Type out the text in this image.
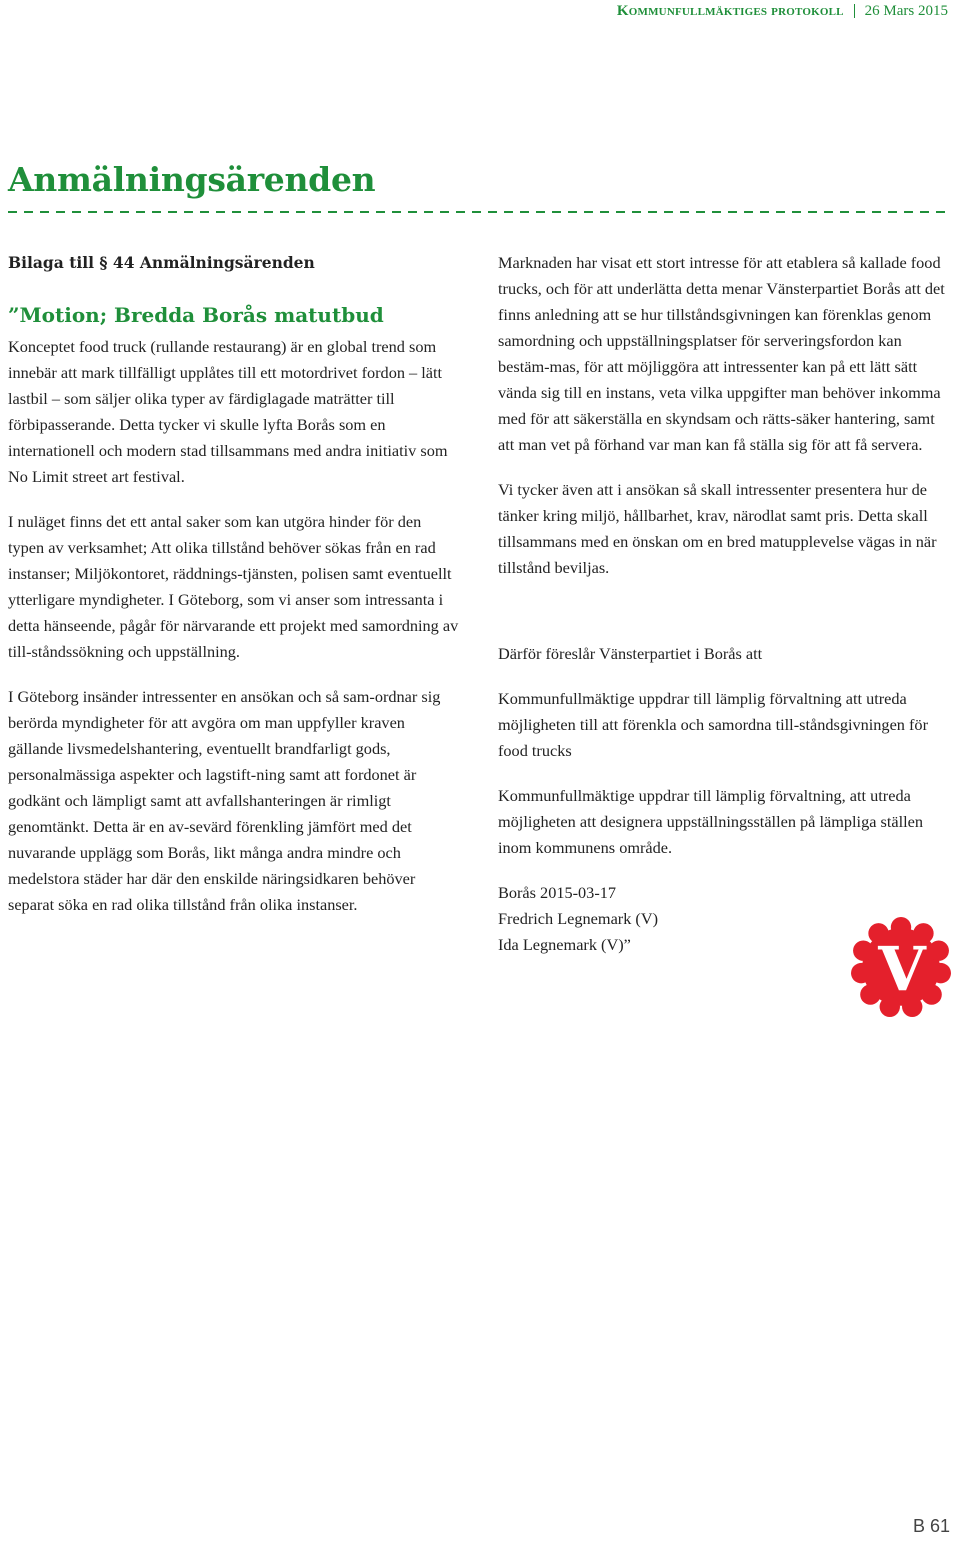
Kommunfullmäktiges protokoll 26 Mars 2015
Anmälningsärenden
Bilaga till § 44 Anmälningsärenden
”Motion; Bredda Borås matutbud

Konceptet food truck (rullande restaurang) är en global trend som innebär att mark tillfälligt upplåtes till ett motordrivet fordon – lätt lastbil – som säljer olika typer av färdiglagade maträtter till förbipasserande. Detta tycker vi skulle lyfta Borås som en internationell och modern stad tillsammans med andra initiativ som No Limit street art festival.

I nuläget finns det ett antal saker som kan utgöra hinder för den typen av verksamhet; Att olika tillstånd behöver sökas från en rad instanser; Miljökontoret, räddnings-tjänsten, polisen samt eventuellt ytterligare myndigheter. I Göteborg, som vi anser som intressanta i detta hänseende, pågår för närvarande ett projekt med samordning av till-ståndssökning och uppställning.

I Göteborg insänder intressenter en ansökan och så sam-ordnar sig berörda myndigheter för att avgöra om man uppfyller kraven gällande livsmedelshantering, eventuellt brandfarligt gods, personalmässiga aspekter och lagstift-ning samt att fordonet är godkänt och lämpligt samt att avfallshanteringen är rimligt genomtänkt. Detta är en av-sevärd förenkling jämfört med det nuvarande upplägg som Borås, likt många andra mindre och medelstora städer har där den enskilde näringsidkaren behöver separat söka en rad olika tillstånd från olika instanser.

Marknaden har visat ett stort intresse för att etablera så kallade food trucks, och för att underlätta detta menar Vänsterpartiet Borås att det finns anledning att se hur tillståndsgivningen kan förenklas genom samordning och uppställningsplatser för serveringsfordon kan bestäm-mas, för att möjliggöra att intressenter kan på ett lätt sätt vända sig till en instans, veta vilka uppgifter man behöver inkomma med för att säkerställa en skyndsam och rätts-säker hantering, samt att man vet på förhand var man kan få ställa sig för att få servera.

Vi tycker även att i ansökan så skall intressenter presentera hur de tänker kring miljö, hållbarhet, krav, närodlat samt pris. Detta skall tillsammans med en önskan om en bred matupplevelse vägas in när tillstånd beviljas.

Därför föreslår Vänsterpartiet i Borås att

Kommunfullmäktige uppdrar till lämplig förvaltning att utreda möjligheten till att förenkla och samordna till-ståndsgivningen för food trucks

Kommunfullmäktige uppdrar till lämplig förvaltning, att utreda möjligheten att designera uppställningsställen på lämpliga ställen inom kommunens område.

Borås 2015-03-17
Fredrich Legnemark (V)
Ida Legnemark (V)”	V
B 61
